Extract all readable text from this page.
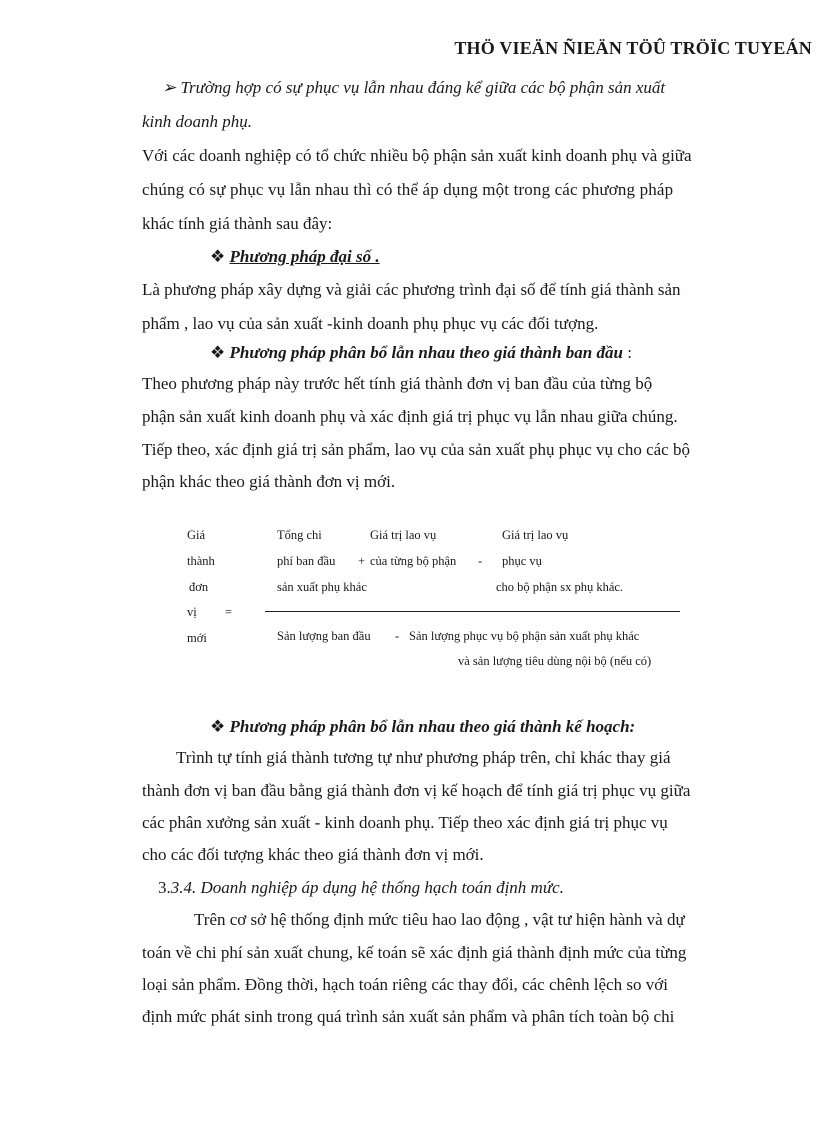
THÖ VIEÄN ÑIEÄN TÖÛ TRÖÏC TUYEÁN
➢ Trường hợp có sự phục vụ lẫn nhau đáng kể giữa các bộ phận sản xuất
kinh doanh phụ.
Với các doanh nghiệp có tổ chức nhiều bộ phận sản xuất kinh doanh phụ và giữa
chúng có sự phục vụ lẫn nhau thì có thể áp dụng một trong các phương pháp
khác tính giá thành sau đây:
❖ Phương pháp đại số .
Là phương pháp xây dựng và giải các phương trình đại số để tính giá thành sản
phẩm , lao vụ của sản xuất -kinh doanh phụ phục vụ các đối tượng.
❖ Phương pháp phân bổ lẫn nhau theo giá thành ban đầu :
Theo phương pháp này trước hết tính giá thành đơn vị ban đầu của từng bộ
phận sản xuất kinh doanh phụ và xác định giá trị phục vụ lẫn nhau giữa chúng.
Tiếp theo, xác định giá trị sản phẩm, lao vụ của sản xuất phụ phục vụ cho các bộ
phận khác theo giá thành đơn vị mới.
Giá
thành
đơn
vị
mới
=
Tổng chi
phí ban đầu
sản xuất phụ khác
Giá trị lao vụ
+ của từng bộ phận -
Giá trị lao vụ
phục vụ
cho bộ phận sx phụ khác.
Sản lượng ban đầu - Sản lượng phục vụ bộ phận sản xuất phụ khác
và sản lượng tiêu dùng nội bộ (nếu có)
❖ Phương pháp phân bổ lẫn nhau theo giá thành kế hoạch:
Trình tự tính giá thành tương tự như phương pháp trên, chỉ khác thay giá
thành đơn vị ban đầu bằng giá thành đơn vị kế hoạch để tính giá trị phục vụ giữa
các phân xưởng sản xuất - kinh doanh phụ. Tiếp theo xác định giá trị phục vụ
cho các đối tượng khác theo giá thành đơn vị mới.
3.3.4. Doanh nghiệp áp dụng hệ thống hạch toán định mức.
Trên cơ sở hệ thống định mức tiêu hao lao động , vật tư hiện hành và dự
toán về chi phí sản xuất chung, kế toán sẽ xác định giá thành định mức của từng
loại sản phẩm. Đồng thời, hạch toán riêng các thay đổi, các chênh lệch so với
định mức phát sinh trong quá trình sản xuất sản phẩm và phân tích toàn bộ chi
